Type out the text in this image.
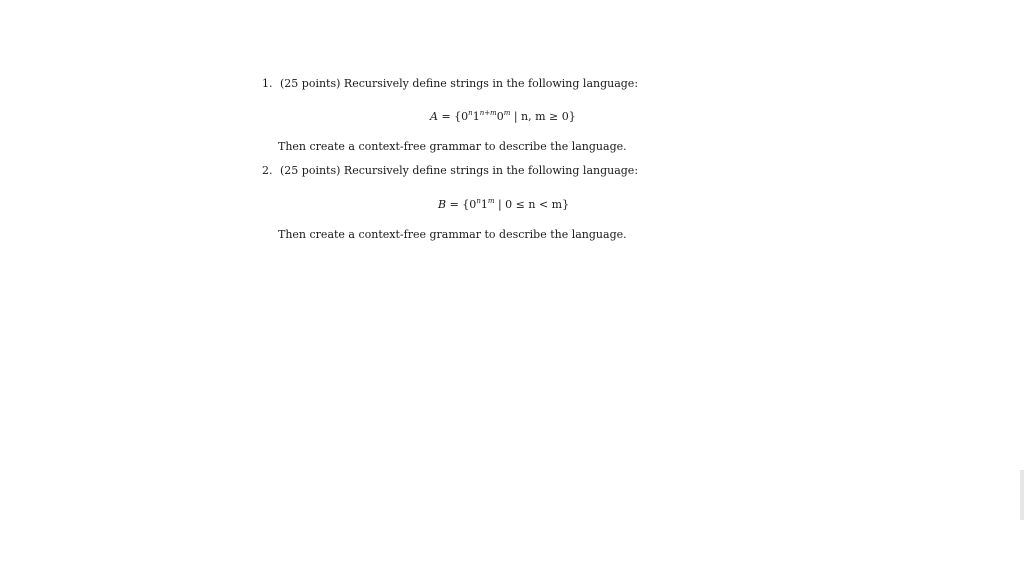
1. (25 points) Recursively define strings in the following language:
$A = \{0^n1^{n+m}0^m$ | n, m ≥ 0}
Then create a context-free grammar to describe the language.
2. (25 points) Recursively define strings in the following language:
$B = \{0^n1^m$ | 0 ≤ n < m}
Then create a context-free grammar to describe the language.
